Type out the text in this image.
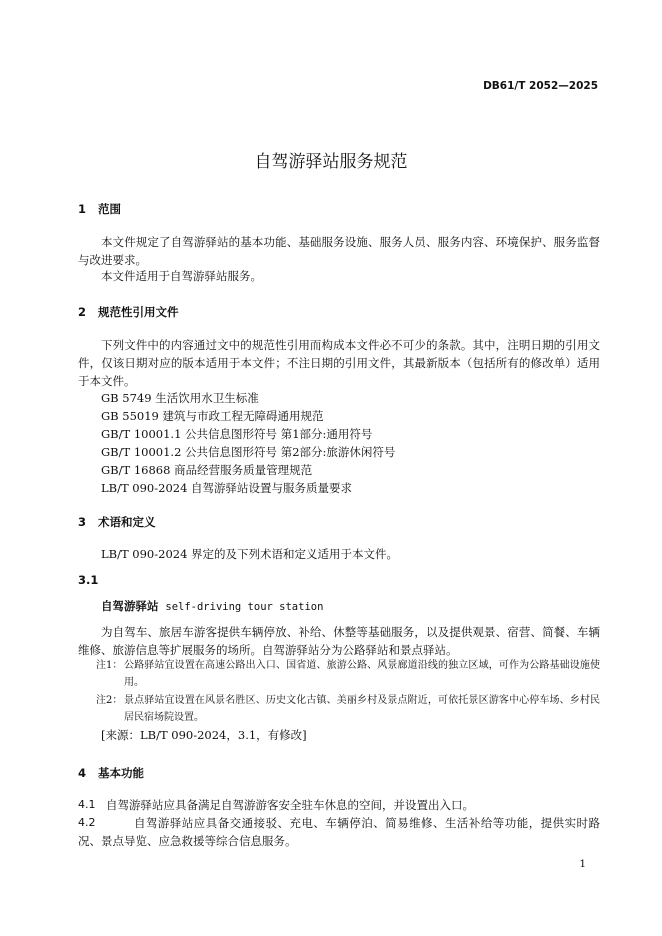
DB61/T 2052—2025
自驾游驿站服务规范
1 范围
本文件规定了自驾游驿站的基本功能、基础服务设施、服务人员、服务内容、环境保护、服务监督与改进要求。
本文件适用于自驾游驿站服务。
2 规范性引用文件
下列文件中的内容通过文中的规范性引用而构成本文件必不可少的条款。其中，注明日期的引用文件，仅该日期对应的版本适用于本文件；不注日期的引用文件，其最新版本（包括所有的修改单）适用于本文件。
GB 5749 生活饮用水卫生标准
GB 55019 建筑与市政工程无障碍通用规范
GB/T 10001.1 公共信息图形符号 第1部分:通用符号
GB/T 10001.2 公共信息图形符号 第2部分:旅游休闲符号
GB/T 16868 商品经营服务质量管理规范
LB/T 090-2024 自驾游驿站设置与服务质量要求
3 术语和定义
LB/T 090-2024 界定的及下列术语和定义适用于本文件。
3.1
自驾游驿站 self-driving tour station
为自驾车、旅居车游客提供车辆停放、补给、休整等基础服务，以及提供观景、宿营、简餐、车辆维修、旅游信息等扩展服务的场所。自驾游驿站分为公路驿站和景点驿站。
注1： 公路驿站宜设置在高速公路出入口、国省道、旅游公路、风景廊道沿线的独立区域，可作为公路基础设施使用。
注2： 景点驿站宜设置在风景名胜区、历史文化古镇、美丽乡村及景点附近，可依托景区游客中心停车场、乡村民居民宿场院设置。
[来源：LB/T 090-2024，3.1，有修改]
4 基本功能
4.1 自驾游驿站应具备满足自驾游游客安全驻车休息的空间，并设置出入口。
4.2	自驾游驿站应具备交通接驳、充电、车辆停泊、简易维修、生活补给等功能，提供实时路况、景点导览、应急救援等综合信息服务。
1
